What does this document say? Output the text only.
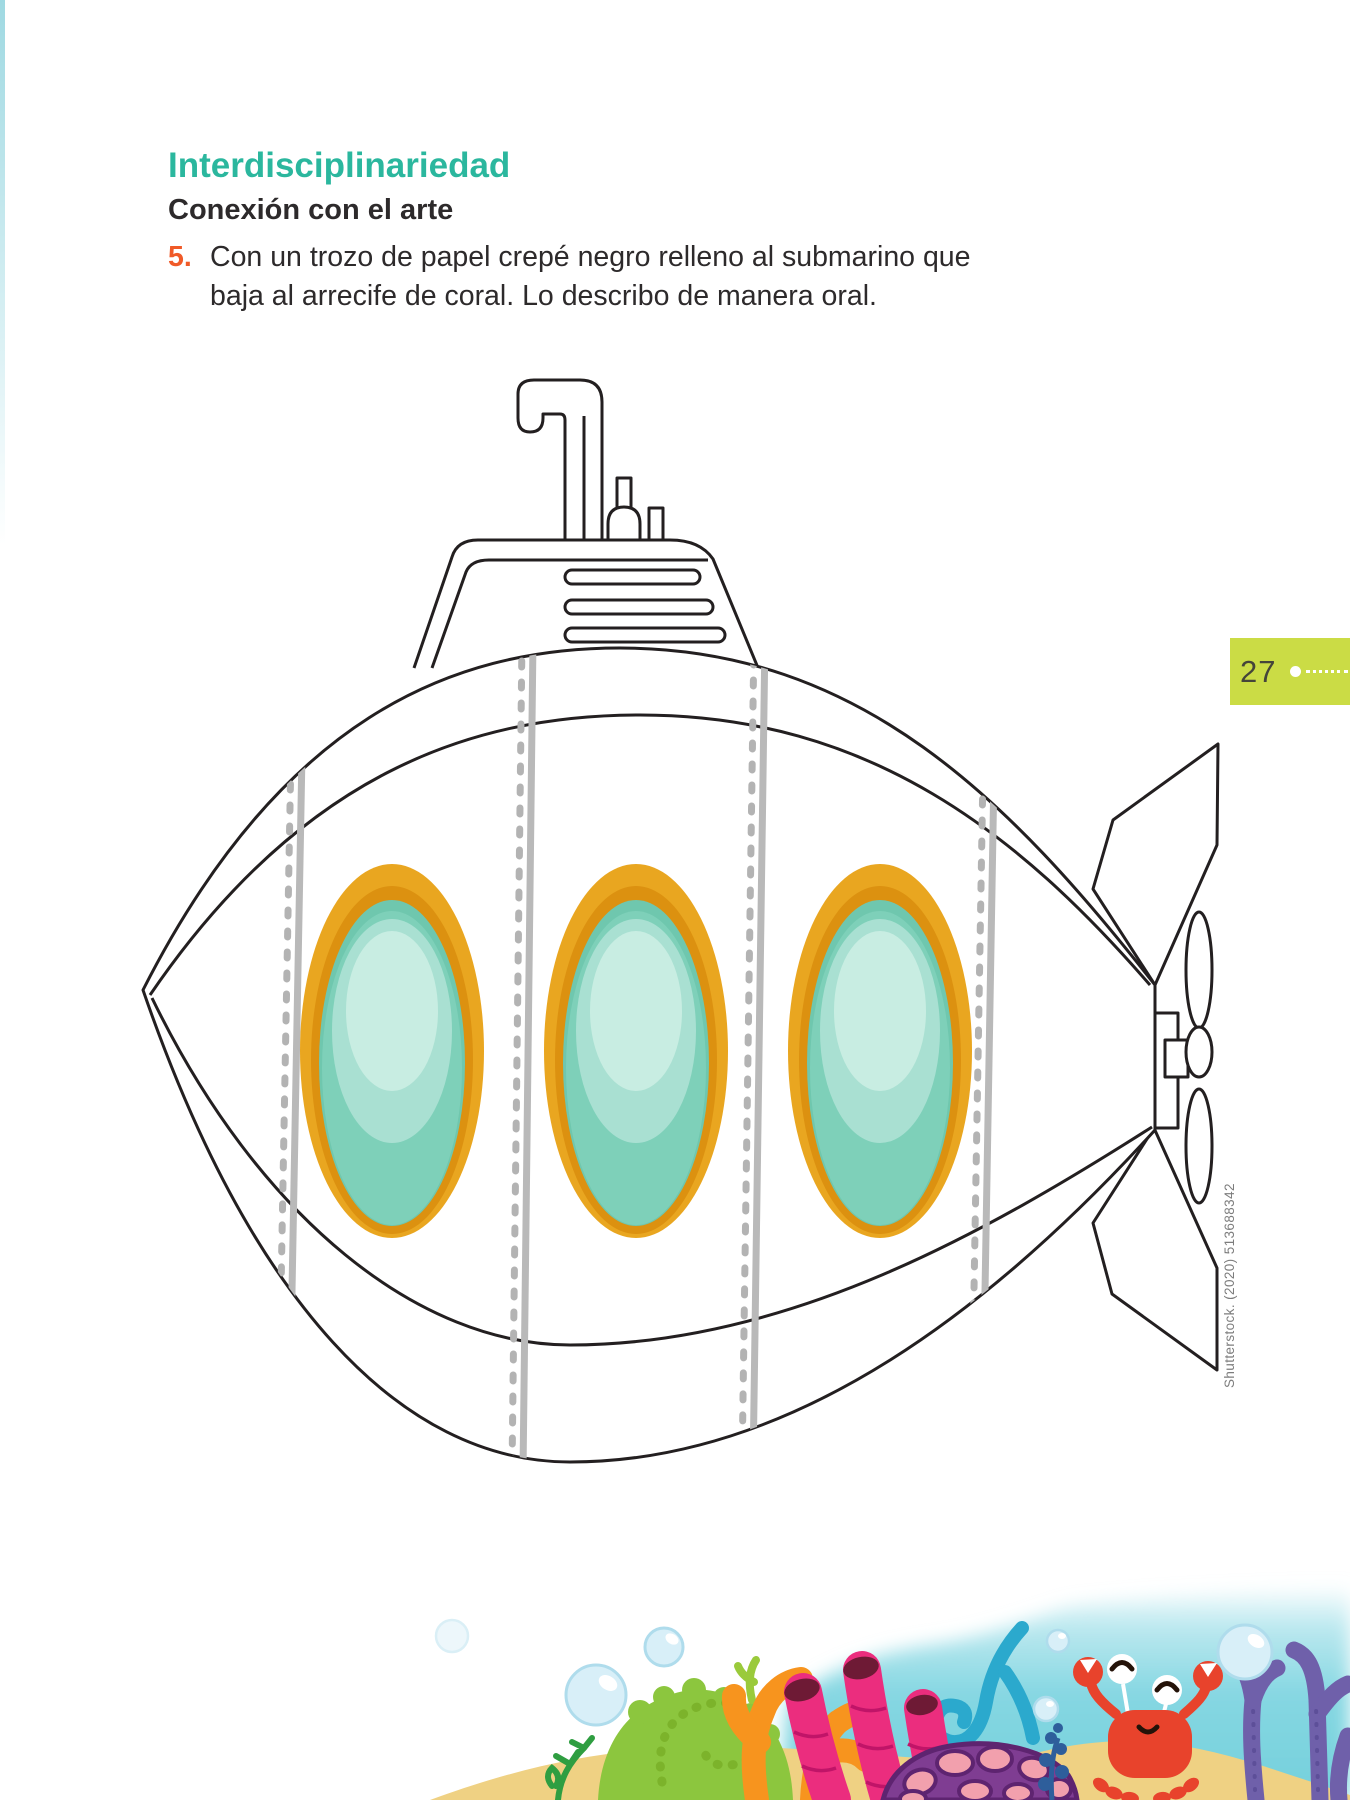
Interdisciplinariedad
Conexión con el arte
5. Con un trozo de papel crepé negro relleno al submarino que
baja al arrecife de coral. Lo describo de manera oral.
27
Shutterstock. (2020) 513688342
